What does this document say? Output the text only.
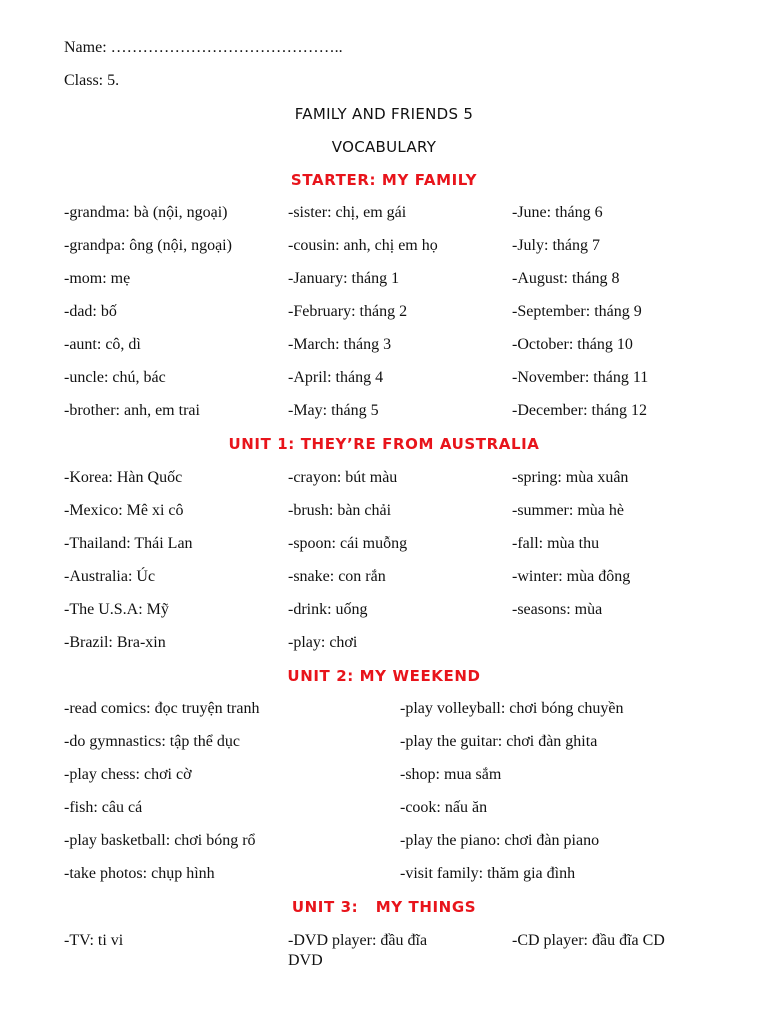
Name: ……………………………………..
Class: 5.
FAMILY AND FRIENDS 5
VOCABULARY
STARTER: MY FAMILY
-grandma: bà (nội, ngoại)
-grandpa: ông (nội, ngoại)
-mom: mẹ
-dad: bố
-aunt: cô, dì
-uncle: chú, bác
-brother: anh, em trai
-sister: chị, em gái
-cousin: anh, chị em họ
-January: tháng 1
-February: tháng 2
-March: tháng 3
-April: tháng 4
-May: tháng 5
-June: tháng 6
-July: tháng 7
-August: tháng 8
-September: tháng 9
-October: tháng 10
-November: tháng 11
-December: tháng 12
UNIT 1: THEY’RE FROM AUSTRALIA
-Korea: Hàn Quốc
-Mexico: Mê xi cô
-Thailand: Thái Lan
-Australia: Úc
-The U.S.A: Mỹ
-Brazil: Bra-xin
-crayon: bút màu
-brush: bàn chải
-spoon: cái muỗng
-snake: con rắn
-drink: uống
-play: chơi
-spring: mùa xuân
-summer: mùa hè
-fall: mùa thu
-winter: mùa đông
-seasons: mùa
UNIT 2: MY WEEKEND
-read comics: đọc truyện tranh
-do gymnastics: tập thể dục
-play chess: chơi cờ
-fish: câu cá
-play basketball: chơi bóng rổ
-take photos: chụp hình
-play volleyball: chơi bóng chuyền
-play the guitar: chơi đàn ghita
-shop: mua sắm
-cook: nấu ăn
-play the piano: chơi đàn piano
-visit family: thăm gia đình
UNIT 3:   MY THINGS
-TV: ti vi	-DVD player: đầu đĩa DVD
-CD player: đầu đĩa CD
